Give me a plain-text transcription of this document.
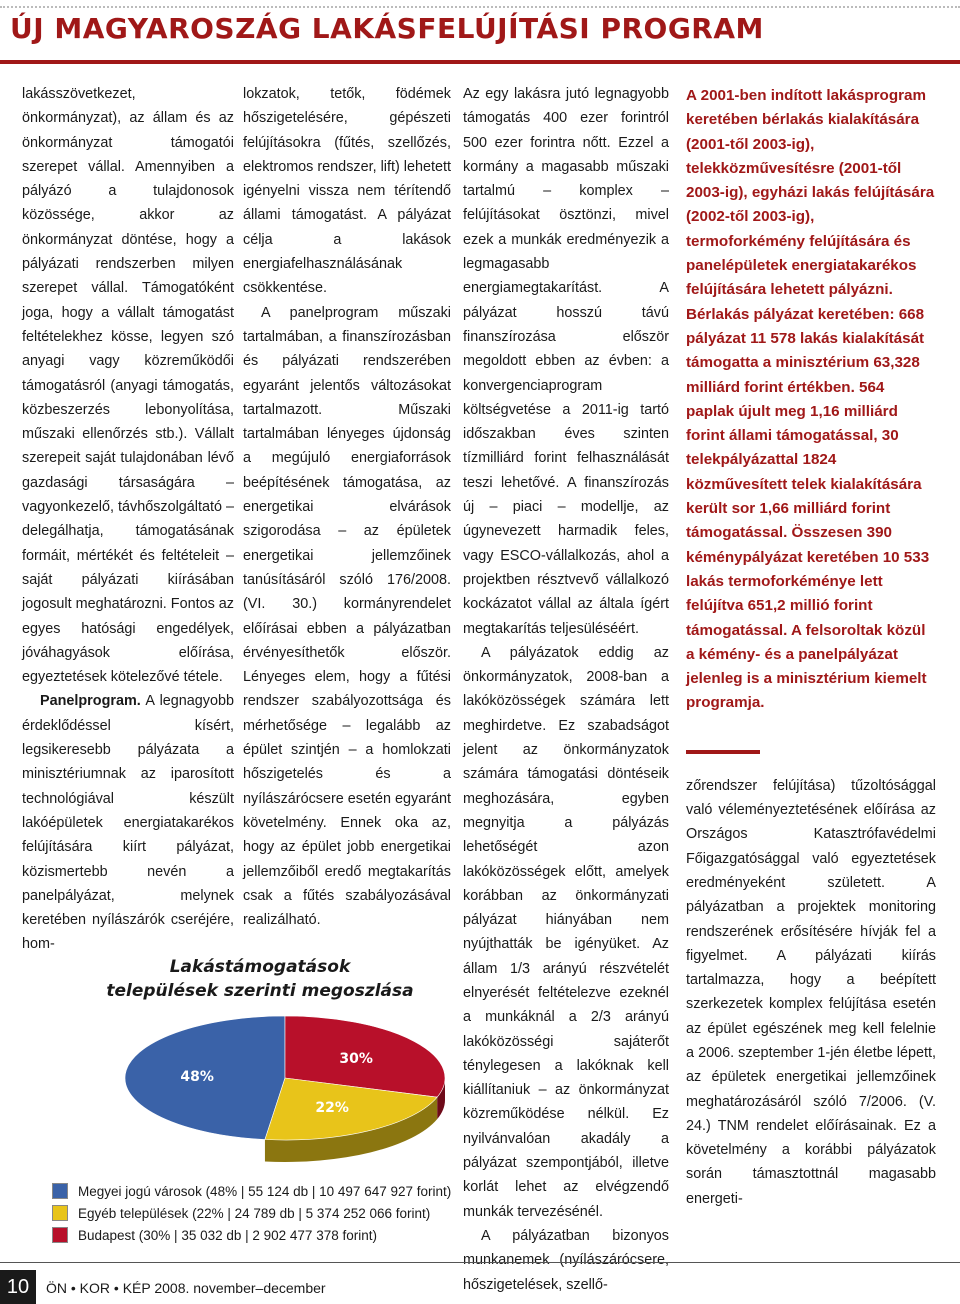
ÚJ MAGYAROSZÁG LAKÁSFELÚJÍTÁSI PROGRAM

lakásszövetkezet, önkormányzat), az állam és az önkormányzat támogatói szerepet vállal. Amennyiben a pályázó a tulajdonosok közössége, akkor az önkormányzat döntése, hogy a pályázati rendszerben milyen szerepet vállal. Támogatóként joga, hogy a vállalt támogatást feltételekhez kösse, legyen szó anyagi vagy közreműködői támogatásról (anyagi támogatás, közbeszerzés lebonyolítása, műszaki ellenőrzés stb.). Vállalt szerepeit saját tulajdonában lévő gazdasági társaságára – vagyonkezelő, távhőszolgáltató – delegálhatja, támogatásának formáit, mértékét és feltételeit – saját pályázati kiírásában jogosult meghatározni. Fontos az egyes hatósági engedélyek, jóváhagyások előírása, egyeztetések kötelezővé tétele.

Panelprogram. A legnagyobb érdeklődéssel kísért, legsikeresebb pályázata a minisztériumnak az iparosított technológiával készült lakóépületek energiatakarékos felújítására kiírt pályázat, közismertebb nevén a panelpályázat, melynek keretében nyílászárók cseréjére, hom-

lokzatok, tetők, födémek hőszigetelésére, gépészeti felújításokra (fűtés, szellőzés, elektromos rendszer, lift) lehetett igényelni vissza nem térítendő állami támogatást. A pályázat célja a lakások energiafelhasználásának csökkentése.

A panelprogram műszaki tartalmában, a finanszírozásban és pályázati rendszerében egyaránt jelentős változásokat tartalmazott. Műszaki tartalmában lényeges újdonság a megújuló energiaforrások beépítésének támogatása, az energetikai elvárások szigorodása – az épületek energetikai jellemzőinek tanúsításáról szóló 176/2008. (VI. 30.) kormányrendelet előírásai ebben a pályázatban érvényesíthetők először. Lényeges elem, hogy a fűtési rendszer szabályozottsága és mérhetősége – legalább az épület szintjén – a homlokzati hőszigetelés és a nyílászárócsere esetén egyaránt követelmény. Ennek oka az, hogy az épület jobb energetikai jellemzőiből eredő megtakarítás csak a fűtés szabályozásával realizálható.

Az egy lakásra jutó legnagyobb támogatás 400 ezer forintról 500 ezer forintra nőtt. Ezzel a kormány a magasabb műszaki tartalmú – komplex – felújításokat ösztönzi, mivel ezek a munkák eredményezik a legmagasabb energiamegtakarítást. A pályázat hosszú távú finanszírozása először megoldott ebben az évben: a konvergenciaprogram költségvetése a 2011-ig tartó időszakban éves szinten tízmilliárd forint felhasználását teszi lehetővé. A finanszírozás új – piaci – modellje, az úgynevezett harmadik feles, vagy ESCO-vállalkozás, ahol a projektben résztvevő vállalkozó kockázatot vállal az általa ígért megtakarítás teljesüléséért.

A pályázatok eddig az önkormányzatok, 2008-ban a lakóközösségek számára lett meghirdetve. Ez szabadságot jelent az önkormányzatok számára támogatási döntéseik meghozására, egyben megnyitja a pályázás lehetőségét azon lakóközösségek előtt, amelyek korábban az önkormányzati pályázat hiányában nem nyújthatták be igényüket. Az állam 1/3 arányú részvételét elnyerését feltételezve ezeknél a munkáknál a 2/3 arányú lakóközösségi sajáterőt ténylegesen a lakóknak kell kiállítaniuk – az önkormányzat közreműködése nélkül. Ez nyilvánvalóan akadály a pályázat szempontjából, illetve korlát lehet az elvégzendő munkák tervezésénél.

A pályázatban bizonyos munkanemek (nyílászárócsere, hőszigetelések, szellő-

A 2001-ben indított lakásprogram keretében bérlakás kialakítására (2001-től 2003-ig), telekközművesítésre (2001-től 2003-ig), egyházi lakás felújítására (2002-től 2003-ig), termoforkémény felújítására és panelépületek energiatakarékos felújítására lehetett pályázni. Bérlakás pályázat keretében: 668 pályázat 11 578 lakás kialakítását támogatta a minisztérium 63,328 milliárd forint értékben. 564 paplak újult meg 1,16 milliárd forint állami támogatással, 30 telekpályázattal 1824 közművesített telek kialakítására került sor 1,66 milliárd forint támogatással. Összesen 390 kéménypályázat keretében 10 533 lakás termoforkéménye lett felújítva 651,2 millió forint támogatással. A felsoroltak közül a kémény- és a panelpályázat jelenleg is a minisztérium kiemelt programja.

zőrendszer felújítása) tűzoltósággal való véleményeztetésének előírása az Országos Katasztrófavédelmi Főigazgatósággal való egyeztetések eredményeként született. A pályázatban a projektek monitoring rendszerének erősítésére hívják fel a figyelmet. A pályázati kiírás tartalmazza, hogy a beépített szerkezetek komplex felújítása esetén az épület egészének meg kell felelnie a 2006. szeptember 1-jén életbe lépett, az épületek energetikai jellemzőinek meghatározásáról szóló 7/2006. (V. 24.) TNM rendelet előírásainak. Ez a követelmény a korábbi pályázatok során támasztottnál magasabb energeti-

Lakástámogatások
települések szerinti megoszlása
48%
30%
22%
Megyei jogú városok (48% | 55 124 db | 10 497 647 927 forint)
Egyéb települések (22% | 24 789 db | 5 374 252 066 forint)
Budapest (30% | 35 032 db | 2 902 477 378 forint)
10	ÖN • KOR • KÉP 2008. november–december
